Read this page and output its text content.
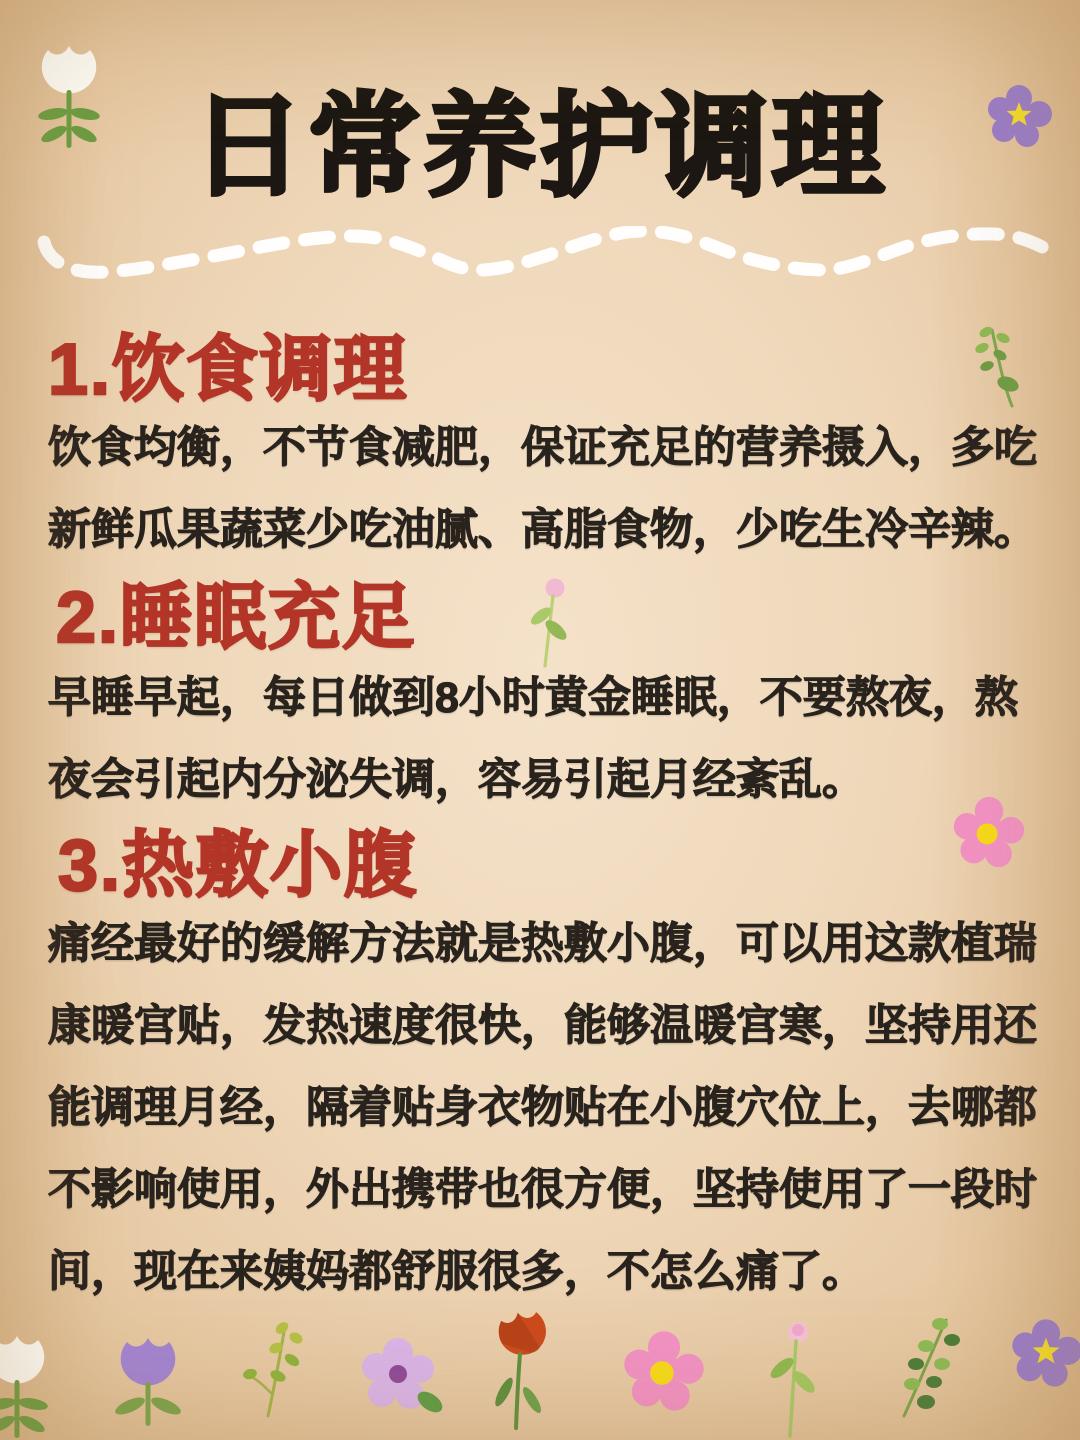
日常养护调理
1.饮食调理
饮食均衡，不节食减肥，保证充足的营养摄入，多吃
新鲜瓜果蔬菜少吃油腻、高脂食物，少吃生冷辛辣。
2.睡眠充足
早睡早起，每日做到8小时黄金睡眠，不要熬夜，熬
夜会引起内分泌失调，容易引起月经紊乱。
3.热敷小腹
痛经最好的缓解方法就是热敷小腹，可以用这款植瑞
康暖宫贴，发热速度很快，能够温暖宫寒，坚持用还
能调理月经，隔着贴身衣物贴在小腹穴位上，去哪都
不影响使用，外出携带也很方便，坚持使用了一段时
间，现在来姨妈都舒服很多，不怎么痛了。
